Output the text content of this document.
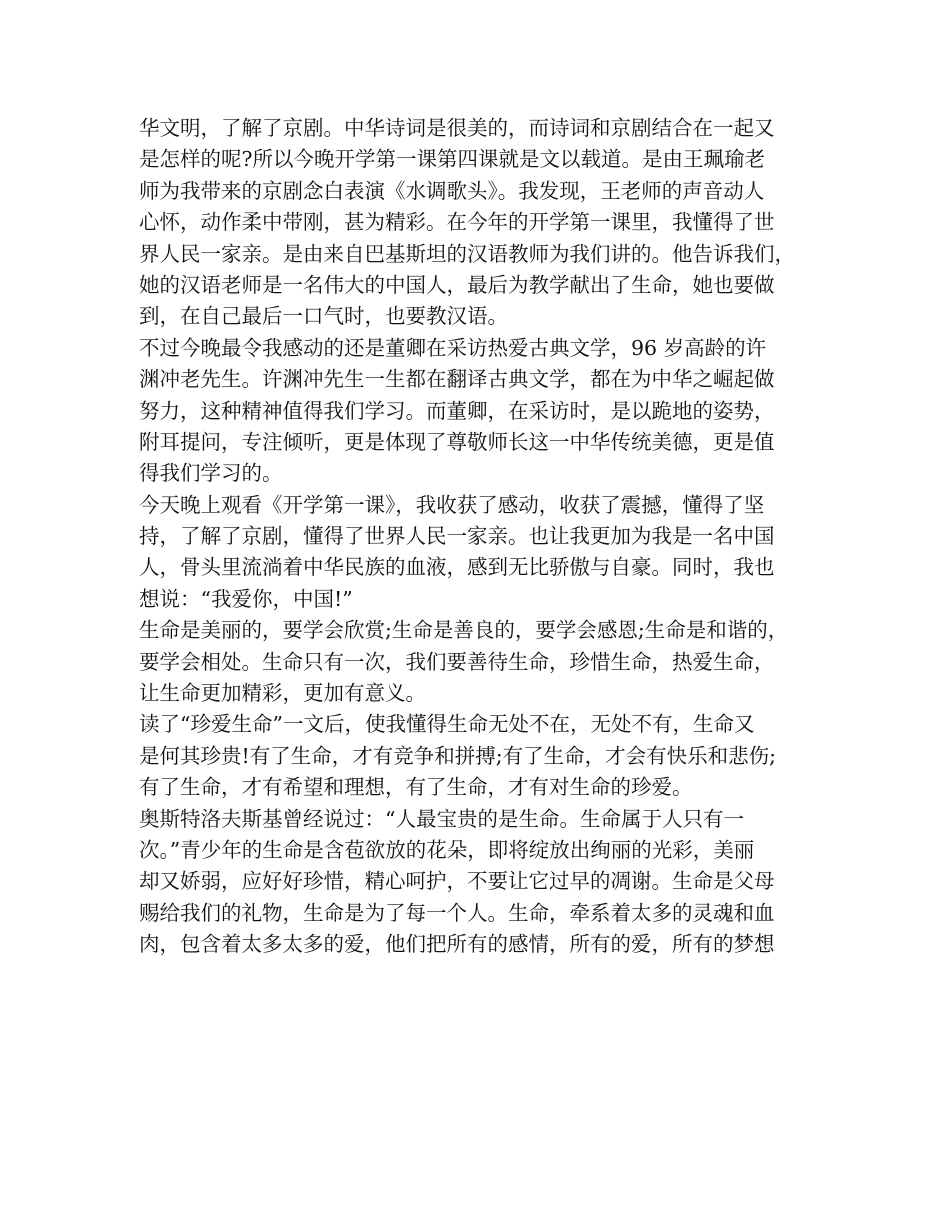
华文明，了解了京剧。中华诗词是很美的，而诗词和京剧结合在一起又
是怎样的呢?所以今晚开学第一课第四课就是文以载道。是由王珮瑜老
师为我带来的京剧念白表演《水调歌头》。我发现，王老师的声音动人
心怀，动作柔中带刚，甚为精彩。在今年的开学第一课里，我懂得了世
界人民一家亲。是由来自巴基斯坦的汉语教师为我们讲的。他告诉我们，
她的汉语老师是一名伟大的中国人，最后为教学献出了生命，她也要做
到，在自己最后一口气时，也要教汉语。
不过今晚最令我感动的还是董卿在采访热爱古典文学，96 岁高龄的许
渊冲老先生。许渊冲先生一生都在翻译古典文学，都在为中华之崛起做
努力，这种精神值得我们学习。而董卿，在采访时，是以跪地的姿势，
附耳提问，专注倾听，更是体现了尊敬师长这一中华传统美德，更是值
得我们学习的。
今天晚上观看《开学第一课》，我收获了感动，收获了震撼，懂得了坚
持，了解了京剧，懂得了世界人民一家亲。也让我更加为我是一名中国
人，骨头里流淌着中华民族的血液，感到无比骄傲与自豪。同时，我也
想说：“我爱你，中国!”
生命是美丽的，要学会欣赏;生命是善良的，要学会感恩;生命是和谐的，
要学会相处。生命只有一次，我们要善待生命，珍惜生命，热爱生命，
让生命更加精彩，更加有意义。
读了“珍爱生命”一文后，使我懂得生命无处不在，无处不有，生命又
是何其珍贵!有了生命，才有竞争和拼搏;有了生命，才会有快乐和悲伤;
有了生命，才有希望和理想，有了生命，才有对生命的珍爱。
奥斯特洛夫斯基曾经说过：“人最宝贵的是生命。生命属于人只有一
次。”青少年的生命是含苞欲放的花朵，即将绽放出绚丽的光彩，美丽
却又娇弱，应好好珍惜，精心呵护，不要让它过早的凋谢。生命是父母
赐给我们的礼物，生命是为了每一个人。生命，牵系着太多的灵魂和血
肉，包含着太多太多的爱，他们把所有的感情，所有的爱，所有的梦想
